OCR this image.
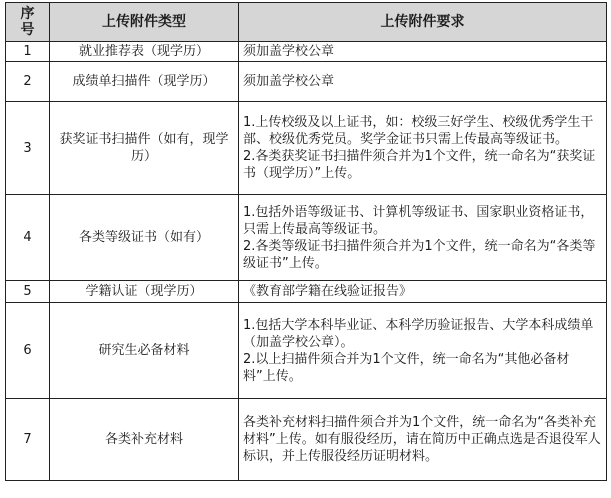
序
号	上传附件类型	上传附件要求
1	就业推荐表（现学历）	须加盖学校公章

2	成绩单扫描件（现学历）	须加盖学校公章

3	获奖证书扫描件（如有，现学历）	1.上传校级及以上证书，如：校级三好学生、校级优秀学生干部、校级优秀党员。奖学金证书只需上传最高等级证书。
2.各类获奖证书扫描件须合并为1个文件，统一命名为“获奖证书（现学历）”上传。

4	各类等级证书（如有）	1.包括外语等级证书、计算机等级证书、国家职业资格证书，只需上传最高等级证书。
2.各类等级证书扫描件须合并为1个文件，统一命名为“各类等级证书”上传。

5	学籍认证（现学历）	《教育部学籍在线验证报告》

6	研究生必备材料	1.包括大学本科毕业证、本科学历验证报告、大学本科成绩单（加盖学校公章）。
2.以上扫描件须合并为1个文件，统一命名为“其他必备材料”上传。

7	各类补充材料	各类补充材料扫描件须合并为1个文件，统一命名为“各类补充材料”上传。如有服役经历，请在简历中正确点选是否退役军人标识，并上传服役经历证明材料。
